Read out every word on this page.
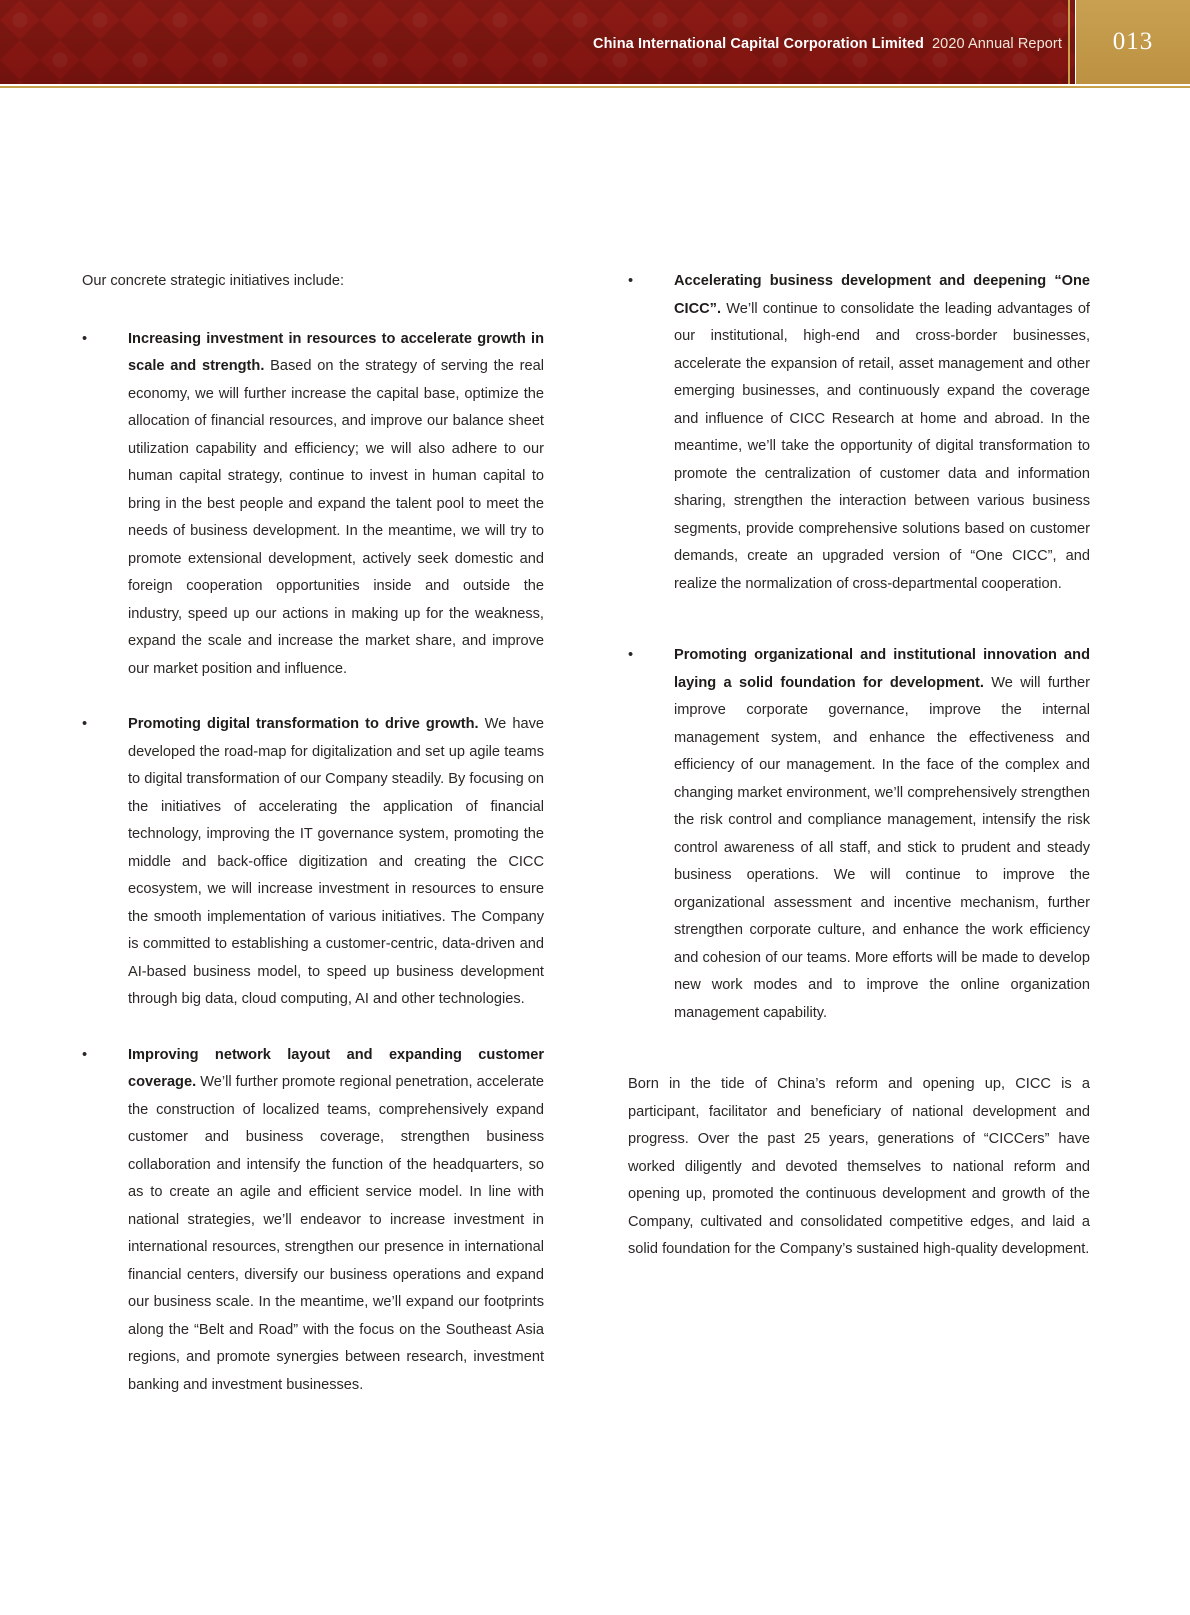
China International Capital Corporation Limited 2020 Annual Report 013

Our concrete strategic initiatives include:

•	Increasing investment in resources to accelerate growth in scale and strength. Based on the strategy of serving the real economy, we will further increase the capital base, optimize the allocation of financial resources, and improve our balance sheet utilization capability and efficiency; we will also adhere to our human capital strategy, continue to invest in human capital to bring in the best people and expand the talent pool to meet the needs of business development. In the meantime, we will try to promote extensional development, actively seek domestic and foreign cooperation opportunities inside and outside the industry, speed up our actions in making up for the weakness, expand the scale and increase the market share, and improve our market position and influence.
•	Promoting digital transformation to drive growth. We have developed the road-map for digitalization and set up agile teams to digital transformation of our Company steadily. By focusing on the initiatives of accelerating the application of financial technology, improving the IT governance system, promoting the middle and back-office digitization and creating the CICC ecosystem, we will increase investment in resources to ensure the smooth implementation of various initiatives. The Company is committed to establishing a customer-centric, data-driven and AI-based business model, to speed up business development through big data, cloud computing, AI and other technologies.
•	Improving network layout and expanding customer coverage. We’ll further promote regional penetration, accelerate the construction of localized teams, comprehensively expand customer and business coverage, strengthen business collaboration and intensify the function of the headquarters, so as to create an agile and efficient service model. In line with national strategies, we’ll endeavor to increase investment in international resources, strengthen our presence in international financial centers, diversify our business operations and expand our business scale. In the meantime, we’ll expand our footprints along the “Belt and Road” with the focus on the Southeast Asia regions, and promote synergies between research, investment banking and investment businesses.
•	Accelerating business development and deepening “One CICC”. We’ll continue to consolidate the leading advantages of our institutional, high-end and cross-border businesses, accelerate the expansion of retail, asset management and other emerging businesses, and continuously expand the coverage and influence of CICC Research at home and abroad. In the meantime, we’ll take the opportunity of digital transformation to promote the centralization of customer data and information sharing, strengthen the interaction between various business segments, provide comprehensive solutions based on customer demands, create an upgraded version of “One CICC”, and realize the normalization of cross-departmental cooperation.
•	Promoting organizational and institutional innovation and laying a solid foundation for development. We will further improve corporate governance, improve the internal management system, and enhance the effectiveness and efficiency of our management. In the face of the complex and changing market environment, we’ll comprehensively strengthen the risk control and compliance management, intensify the risk control awareness of all staff, and stick to prudent and steady business operations. We will continue to improve the organizational assessment and incentive mechanism, further strengthen corporate culture, and enhance the work efficiency and cohesion of our teams. More efforts will be made to develop new work modes and to improve the online organization management capability.

Born in the tide of China’s reform and opening up, CICC is a participant, facilitator and beneficiary of national development and progress. Over the past 25 years, generations of “CICCers” have worked diligently and devoted themselves to national reform and opening up, promoted the continuous development and growth of the Company, cultivated and consolidated competitive edges, and laid a solid foundation for the Company’s sustained high-quality development.
